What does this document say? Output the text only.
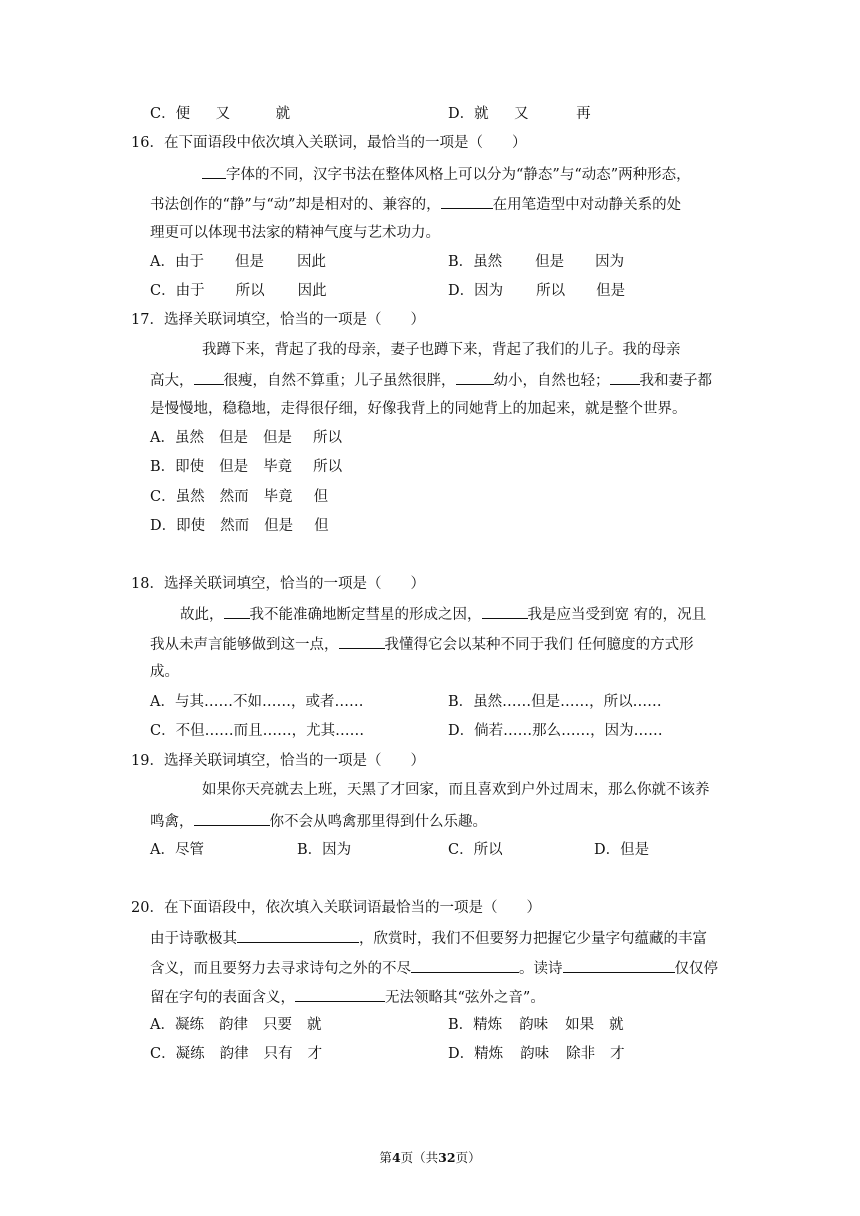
C．便 又	就	D．就 又	再
16．在下面语段中依次填入关联词，最恰当的一项是（　　）
字体的不同，汉字书法在整体风格上可以分为“静态”与“动态”两种形态，
书法创作的“静”与“动”却是相对的、兼容的，	在用笔造型中对动静关系的处
理更可以体现书法家的精神气度与艺术功力。
A．由于 但是 因此	B．虽然 但是 因为
C．由于 所以 因此	D．因为 所以 但是
17．选择关联词填空，恰当的一项是（　　）
我蹲下来，背起了我的母亲，妻子也蹲下来，背起了我们的儿子。我的母亲
高大， 很瘦，自然不算重；儿子虽然很胖，	幼小，自然也轻； 我和妻子都
是慢慢地，稳稳地，走得很仔细，好像我背上的同她背上的加起来，就是整个世界。
A．虽然 但是 但是 所以
B．即使 但是 毕竟 所以
C．虽然 然而 毕竟 但
D．即使 然而 但是 但
18．选择关联词填空，恰当的一项是（　　）
故此， 我不能准确地断定彗星的形成之因，	我是应当受到宽 宥的，况且
我从未声言能够做到这一点，	我懂得它会以某种不同于我们 任何臆度的方式形
成。
A．与其……不如……，或者……	B．虽然……但是……，所以……
C．不但……而且……，尤其……	D．倘若……那么……，因为……
19．选择关联词填空，恰当的一项是（　　）
如果你天亮就去上班，天黑了才回家，而且喜欢到户外过周末，那么你就不该养
鸣禽，	你不会从鸣禽那里得到什么乐趣。
A．尽管	B．因为	C．所以	D．但是
20．在下面语段中，依次填入关联词语最恰当的一项是（　　）
由于诗歌极其	，欣赏时，我们不但要努力把握它少量字句蕴藏的丰富
含义，而且要努力去寻求诗句之外的不尽	。读诗	仅仅停
留在字句的表面含义，	无法领略其“弦外之音”。
A．凝练 韵律 只要 就	B．精炼 韵味 如果 就
C．凝练 韵律 只有 才	D．精炼 韵味 除非 才
第4页（共32页）
